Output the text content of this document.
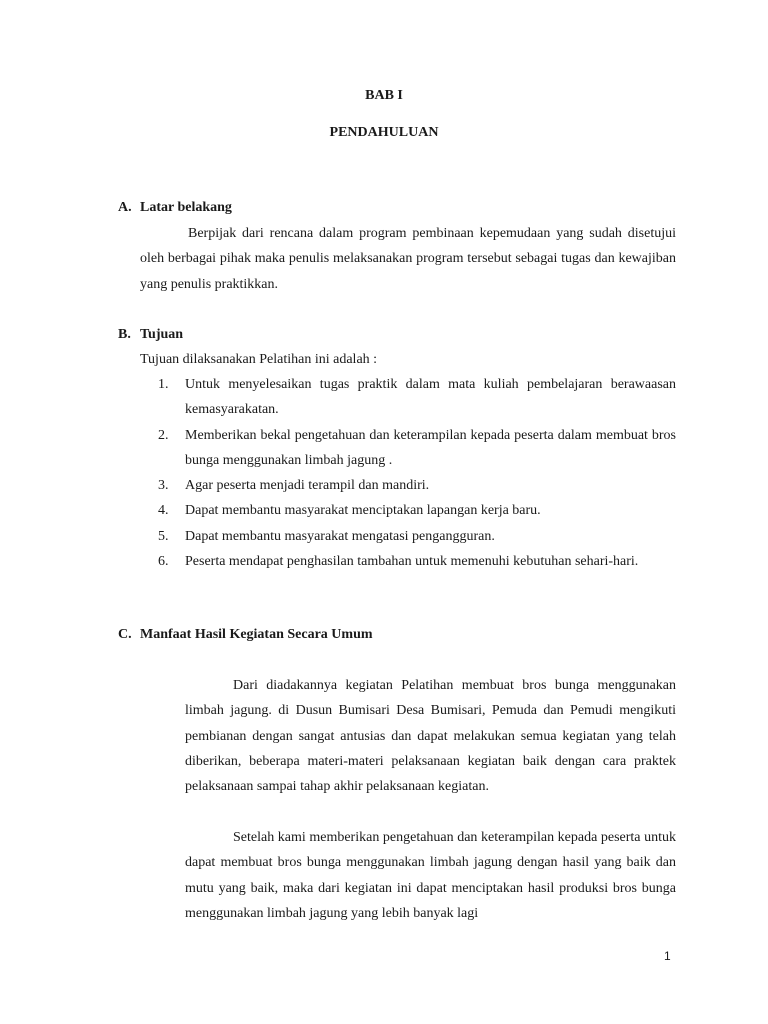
BAB I
PENDAHULUAN
A. Latar belakang

Berpijak dari rencana dalam program pembinaan kepemudaan yang sudah disetujui oleh berbagai pihak maka penulis melaksanakan program tersebut sebagai tugas dan kewajiban yang penulis praktikkan.

B. Tujuan

Tujuan dilaksanakan Pelatihan ini adalah :

1. Untuk menyelesaikan tugas praktik dalam mata kuliah pembelajaran berawaasan kemasyarakatan.
2. Memberikan bekal pengetahuan dan keterampilan kepada peserta dalam membuat bros bunga menggunakan limbah jagung .
3. Agar peserta menjadi terampil dan mandiri.
4. Dapat membantu masyarakat menciptakan lapangan kerja baru.
5. Dapat membantu masyarakat mengatasi pengangguran.
6. Peserta mendapat penghasilan tambahan untuk memenuhi kebutuhan sehari-hari.
C. Manfaat Hasil Kegiatan Secara Umum

Dari diadakannya kegiatan Pelatihan membuat bros bunga menggunakan limbah jagung. di Dusun Bumisari Desa Bumisari, Pemuda dan Pemudi mengikuti pembianan dengan sangat antusias dan dapat melakukan semua kegiatan yang telah diberikan, beberapa materi-materi pelaksanaan kegiatan baik dengan cara praktek pelaksanaan sampai tahap akhir pelaksanaan kegiatan.

Setelah kami memberikan pengetahuan dan keterampilan kepada peserta untuk dapat membuat bros bunga menggunakan limbah jagung dengan hasil yang baik dan mutu yang baik, maka dari kegiatan ini dapat menciptakan hasil produksi bros bunga menggunakan limbah jagung yang lebih banyak lagi

1
